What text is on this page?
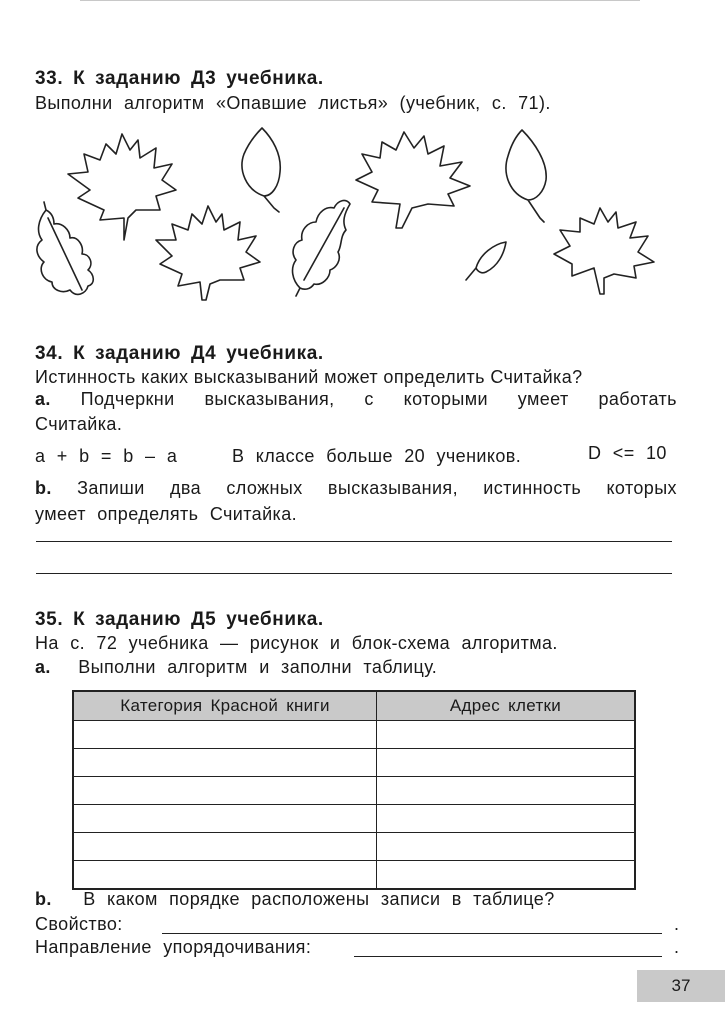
33. К заданию Д3 учебника.
Выполни алгоритм «Опавшие листья» (учебник, с. 71).
34. К заданию Д4 учебника.
Истинность каких высказываний может определить Считайка?
a. Подчеркни высказывания, с которыми умеет работать
Считайка.
a + b = b – a	В классе больше 20 учеников.	D <= 10
b. Запиши два сложных высказывания, истинность которых
умеет определять Считайка.
35. К заданию Д5 учебника.
На с. 72 учебника — рисунок и блок-схема алгоритма.
a. Выполни алгоритм и заполни таблицу.
Категория Красной книги	Адрес клетки

b. В каком порядке расположены записи в таблице?
Свойство:	.
Направление упорядочивания:	.
37
